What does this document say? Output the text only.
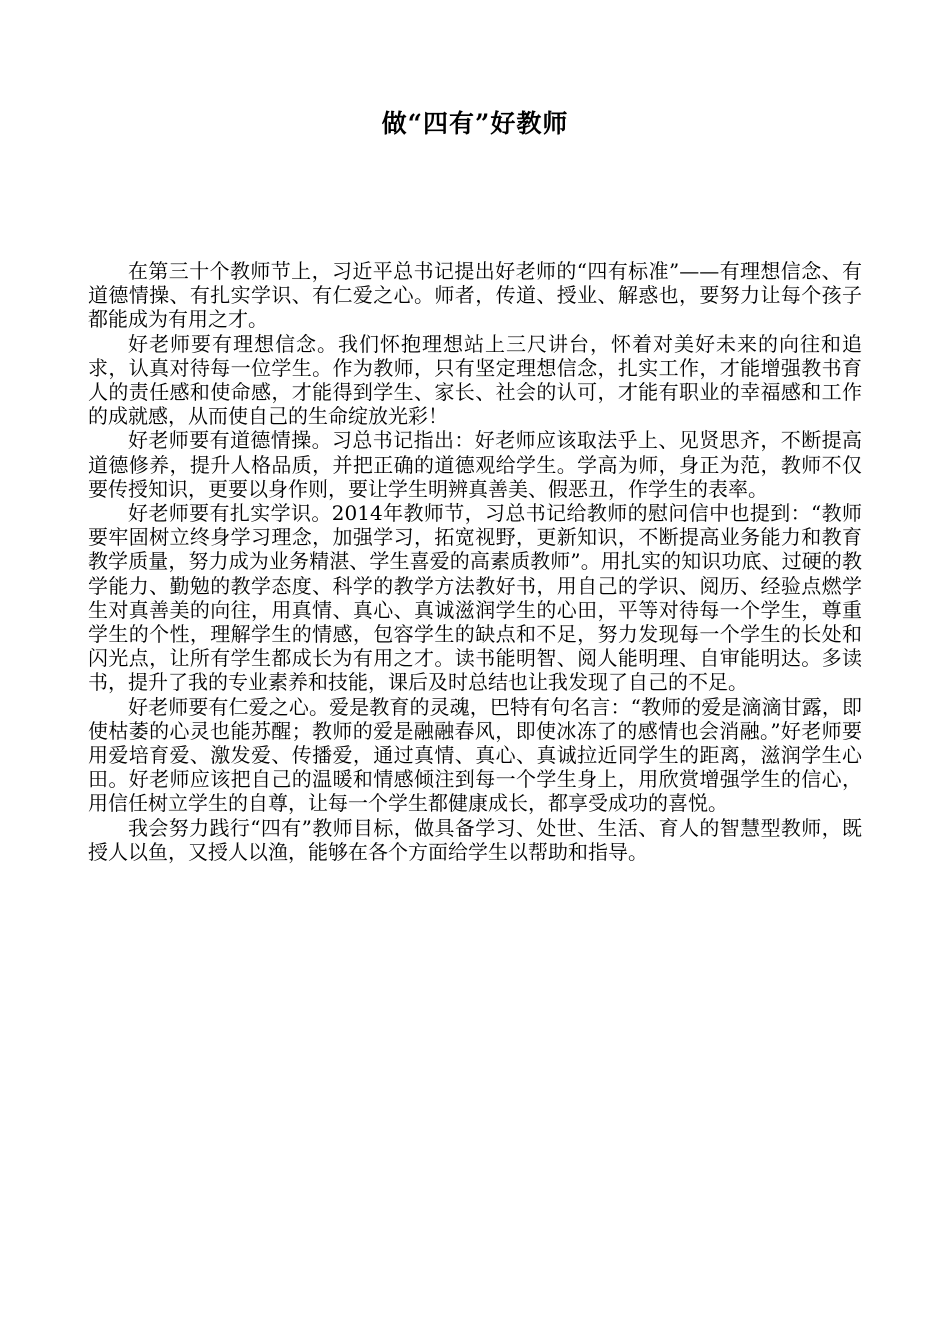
做“四有”好教师

在第三十个教师节上，习近平总书记提出好老师的“四有标准”——有理想信念、有道德情操、有扎实学识、有仁爱之心。师者，传道、授业、解惑也，要努力让每个孩子都能成为有用之才。

好老师要有理想信念。我们怀抱理想站上三尺讲台，怀着对美好未来的向往和追求，认真对待每一位学生。作为教师，只有坚定理想信念，扎实工作，才能增强教书育人的责任感和使命感，才能得到学生、家长、社会的认可，才能有职业的幸福感和工作的成就感，从而使自己的生命绽放光彩！

好老师要有道德情操。习总书记指出：好老师应该取法乎上、见贤思齐，不断提高道德修养，提升人格品质，并把正确的道德观给学生。学高为师，身正为范，教师不仅要传授知识，更要以身作则，要让学生明辨真善美、假恶丑，作学生的表率。

好老师要有扎实学识。2014年教师节，习总书记给教师的慰问信中也提到：“教师要牢固树立终身学习理念，加强学习，拓宽视野，更新知识，不断提高业务能力和教育教学质量，努力成为业务精湛、学生喜爱的高素质教师”。用扎实的知识功底、过硬的教学能力、勤勉的教学态度、科学的教学方法教好书，用自己的学识、阅历、经验点燃学生对真善美的向往，用真情、真心、真诚滋润学生的心田，平等对待每一个学生，尊重学生的个性，理解学生的情感，包容学生的缺点和不足，努力发现每一个学生的长处和闪光点，让所有学生都成长为有用之才。读书能明智、阅人能明理、自审能明达。多读书，提升了我的专业素养和技能，课后及时总结也让我发现了自己的不足。

好老师要有仁爱之心。爱是教育的灵魂，巴特有句名言：“教师的爱是滴滴甘露，即使枯萎的心灵也能苏醒；教师的爱是融融春风，即使冰冻了的感情也会消融。”好老师要用爱培育爱、激发爱、传播爱，通过真情、真心、真诚拉近同学生的距离，滋润学生心田。好老师应该把自己的温暖和情感倾注到每一个学生身上，用欣赏增强学生的信心，用信任树立学生的自尊，让每一个学生都健康成长，都享受成功的喜悦。

我会努力践行“四有”教师目标，做具备学习、处世、生活、育人的智慧型教师，既授人以鱼，又授人以渔，能够在各个方面给学生以帮助和指导。
